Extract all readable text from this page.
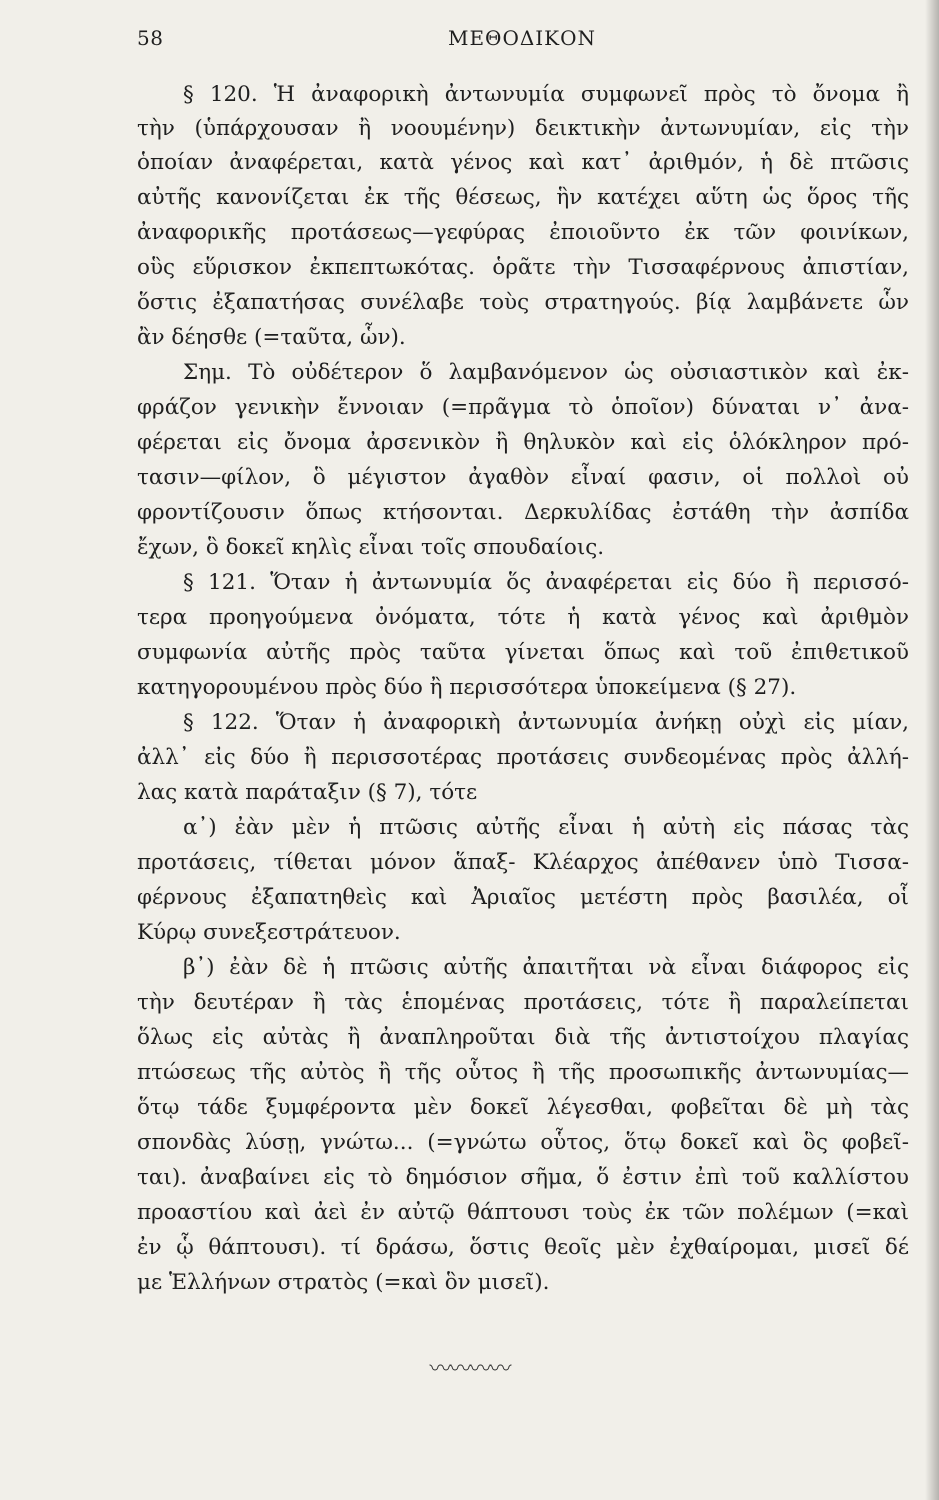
58	ΜΕΘΟΔΙΚΟΝ
§ 120. Ἡ ἀναφορικὴ ἀντωνυμία συμφωνεῖ πρὸς τὸ ὄνομα ἢ
τὴν (ὑπάρχουσαν ἢ νοουμένην) δεικτικὴν ἀντωνυμίαν, εἰς τὴν
ὁποίαν ἀναφέρεται, κατὰ γένος καὶ κατ᾽ ἀριθμόν, ἡ δὲ πτῶσις
αὐτῆς κανονίζεται ἐκ τῆς θέσεως, ἣν κατέχει αὕτη ὡς ὅρος τῆς
ἀναφορικῆς προτάσεως—γεφύρας ἐποιοῦντο ἐκ τῶν φοινίκων,
οὓς εὕρισκον ἐκπεπτωκότας. ὁρᾶτε τὴν Τισσαφέρνους ἀπιστίαν,
ὅστις ἐξαπατήσας συνέλαβε τοὺς στρατηγούς. βίᾳ λαμβάνετε ὧν
ἂν δέησθε (=ταῦτα, ὧν).
Σημ. Τὸ οὐδέτερον ὅ λαμβανόμενον ὡς οὐσιαστικὸν καὶ ἐκ-
φράζον γενικὴν ἔννοιαν (=πρᾶγμα τὸ ὁποῖον) δύναται ν᾽ ἀνα-
φέρεται εἰς ὄνομα ἀρσενικὸν ἢ θηλυκὸν καὶ εἰς ὁλόκληρον πρό-
τασιν—φίλον, ὃ μέγιστον ἀγαθὸν εἶναί φασιν, οἱ πολλοὶ οὐ
φροντίζουσιν ὅπως κτήσονται. Δερκυλίδας ἐστάθη τὴν ἀσπίδα
ἔχων, ὃ δοκεῖ κηλὶς εἶναι τοῖς σπουδαίοις.
§ 121. Ὅταν ἡ ἀντωνυμία ὅς ἀναφέρεται εἰς δύο ἢ περισσό-
τερα προηγούμενα ὀνόματα, τότε ἡ κατὰ γένος καὶ ἀριθμὸν
συμφωνία αὐτῆς πρὸς ταῦτα γίνεται ὅπως καὶ τοῦ ἐπιθετικοῦ
κατηγορουμένου πρὸς δύο ἢ περισσότερα ὑποκείμενα (§ 27).
§ 122. Ὅταν ἡ ἀναφορικὴ ἀντωνυμία ἀνήκῃ οὐχὶ εἰς μίαν,
ἀλλ᾽ εἰς δύο ἢ περισσοτέρας προτάσεις συνδεομένας πρὸς ἀλλή-
λας κατὰ παράταξιν (§ 7), τότε
α᾽) ἐὰν μὲν ἡ πτῶσις αὐτῆς εἶναι ἡ αὐτὴ εἰς πάσας τὰς
προτάσεις, τίθεται μόνον ἅπαξ- Κλέαρχος ἀπέθανεν ὑπὸ Τισσα-
φέρνους ἐξαπατηθεὶς καὶ Ἀριαῖος μετέστη πρὸς βασιλέα, οἷ
Κύρῳ συνεξεστράτευον.
β᾽) ἐὰν δὲ ἡ πτῶσις αὐτῆς ἀπαιτῆται νὰ εἶναι διάφορος εἰς
τὴν δευτέραν ἢ τὰς ἑπομένας προτάσεις, τότε ἢ παραλείπεται
ὅλως εἰς αὐτὰς ἢ ἀναπληροῦται διὰ τῆς ἀντιστοίχου πλαγίας
πτώσεως τῆς αὐτὸς ἢ τῆς οὗτος ἢ τῆς προσωπικῆς ἀντωνυμίας—
ὅτῳ τάδε ξυμφέροντα μὲν δοκεῖ λέγεσθαι, φοβεῖται δὲ μὴ τὰς
σπονδὰς λύσῃ, γνώτω... (=γνώτω οὗτος, ὅτῳ δοκεῖ καὶ ὃς φοβεῖ-
ται). ἀναβαίνει εἰς τὸ δημόσιον σῆμα, ὅ ἐστιν ἐπὶ τοῦ καλλίστου
προαστίου καὶ ἀεὶ ἐν αὐτῷ θάπτουσι τοὺς ἐκ τῶν πολέμων (=καὶ
ἐν ᾧ θάπτουσι). τί δράσω, ὅστις θεοῖς μὲν ἐχθαίρομαι, μισεῖ δέ
με Ἑλλήνων στρατὸς (=καὶ ὃν μισεῖ).
〰〰〰〰
